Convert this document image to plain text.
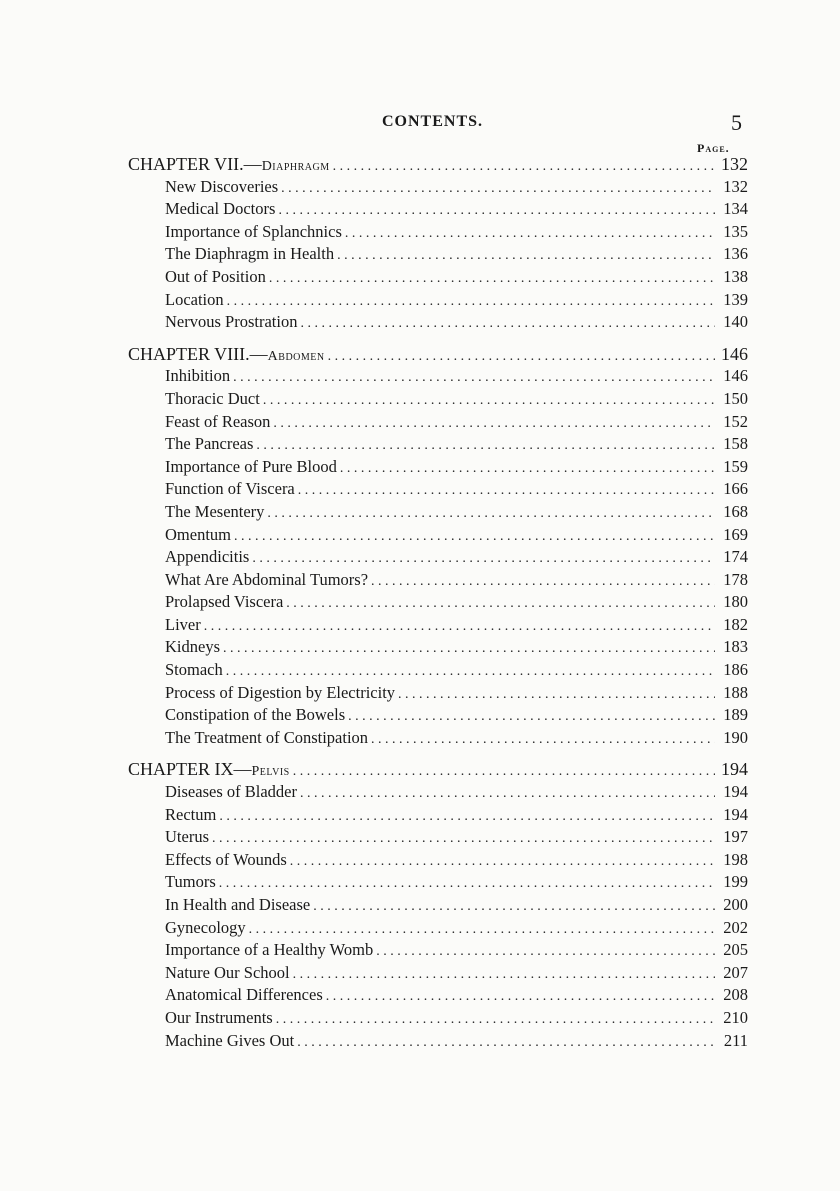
CONTENTS.	5
Page.
CHAPTER VII.—Diaphragm . . .	132
New Discoveries . . .	132
Medical Doctors . . .	134
Importance of Splanchnics . . .	135
The Diaphragm in Health . . .	136
Out of Position . . .	138
Location . . .	139
Nervous Prostration . . .	140
CHAPTER VIII.—Abdomen . . .	146
Inhibition . . .	146
Thoracic Duct . . .	150
Feast of Reason . . .	152
The Pancreas . . .	158
Importance of Pure Blood . . .	159
Function of Viscera . . .	166
The Mesentery . . .	168
Omentum . . .	169
Appendicitis . . .	174
What Are Abdominal Tumors? . . .	178
Prolapsed Viscera . . .	180
Liver . . .	182
Kidneys . . .	183
Stomach . . .	186
Process of Digestion by Electricity . . .	188
Constipation of the Bowels . . .	189
The Treatment of Constipation . . .	190
CHAPTER IX—Pelvis . . .	194
Diseases of Bladder . . .	194
Rectum . . .	194
Uterus . . .	197
Effects of Wounds . . .	198
Tumors . . .	199
In Health and Disease . . .	200
Gynecology . . .	202
Importance of a Healthy Womb . . .	205
Nature Our School . . .	207
Anatomical Differences . . .	208
Our Instruments . . .	210
Machine Gives Out . . .	211
